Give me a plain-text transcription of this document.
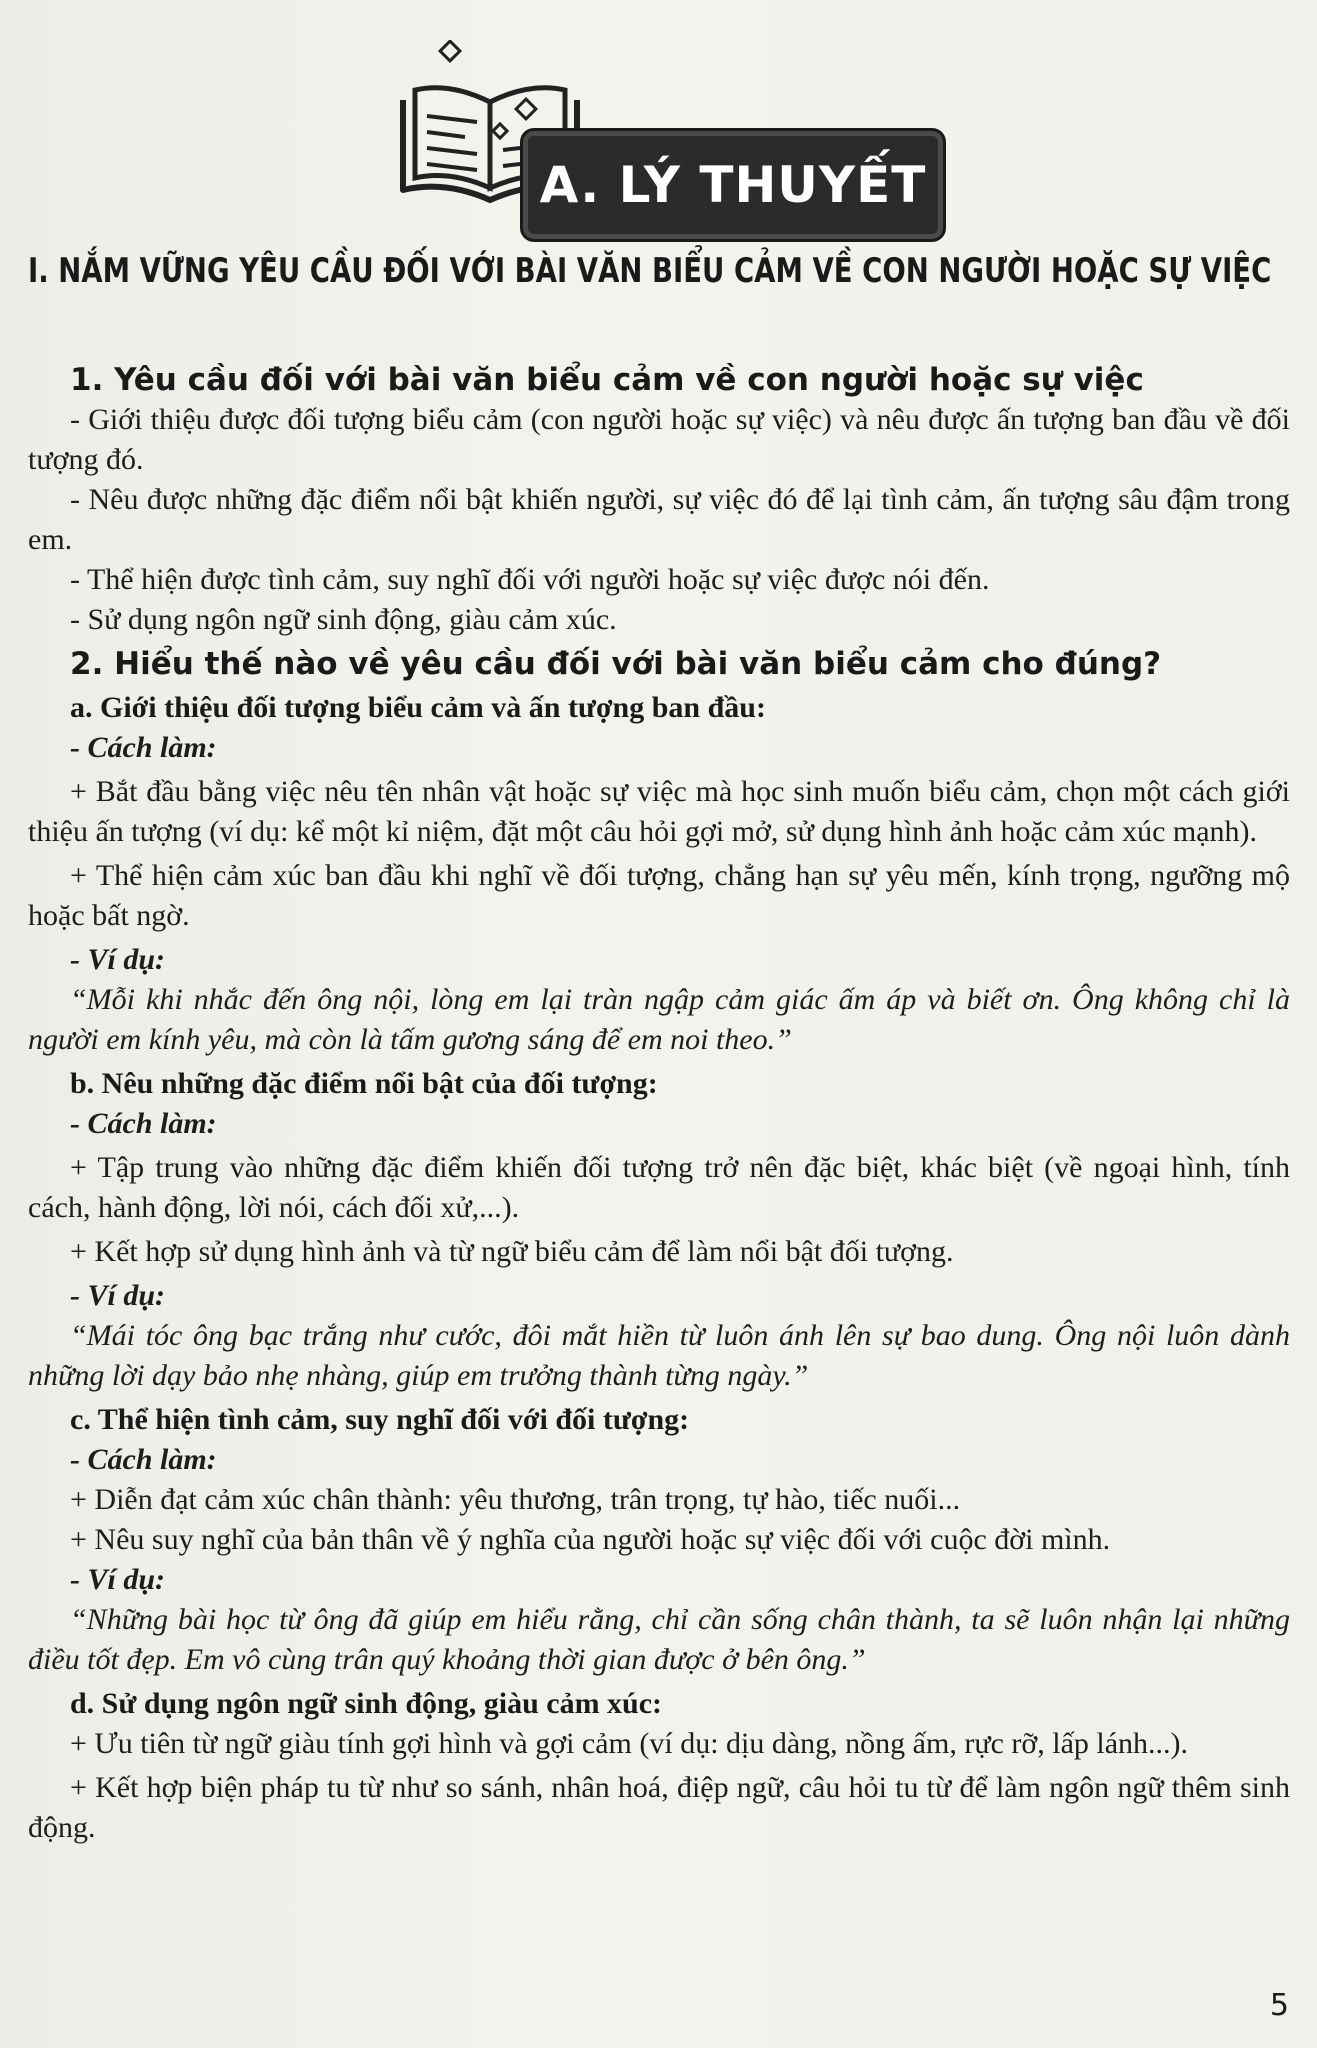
A. LÝ THUYẾT
I. NẮM VỮNG YÊU CẦU ĐỐI VỚI BÀI VĂN BIỂU CẢM VỀ CON NGƯỜI HOẶC SỰ VIỆC
1. Yêu cầu đối với bài văn biểu cảm về con người hoặc sự việc

- Giới thiệu được đối tượng biểu cảm (con người hoặc sự việc) và nêu được ấn tượng ban đầu về đối tượng đó.

- Nêu được những đặc điểm nổi bật khiến người, sự việc đó để lại tình cảm, ấn tượng sâu đậm trong em.

- Thể hiện được tình cảm, suy nghĩ đối với người hoặc sự việc được nói đến.

- Sử dụng ngôn ngữ sinh động, giàu cảm xúc.

2. Hiểu thế nào về yêu cầu đối với bài văn biểu cảm cho đúng?
a. Giới thiệu đối tượng biểu cảm và ấn tượng ban đầu:
- Cách làm:

+ Bắt đầu bằng việc nêu tên nhân vật hoặc sự việc mà học sinh muốn biểu cảm, chọn một cách giới thiệu ấn tượng (ví dụ: kể một kỉ niệm, đặt một câu hỏi gợi mở, sử dụng hình ảnh hoặc cảm xúc mạnh).

+ Thể hiện cảm xúc ban đầu khi nghĩ về đối tượng, chẳng hạn sự yêu mến, kính trọng, ngưỡng mộ hoặc bất ngờ.

- Ví dụ:

“Mỗi khi nhắc đến ông nội, lòng em lại tràn ngập cảm giác ấm áp và biết ơn. Ông không chỉ là người em kính yêu, mà còn là tấm gương sáng để em noi theo.”

b. Nêu những đặc điểm nổi bật của đối tượng:
- Cách làm:

+ Tập trung vào những đặc điểm khiến đối tượng trở nên đặc biệt, khác biệt (về ngoại hình, tính cách, hành động, lời nói, cách đối xử,...).

+ Kết hợp sử dụng hình ảnh và từ ngữ biểu cảm để làm nổi bật đối tượng.

- Ví dụ:

“Mái tóc ông bạc trắng như cước, đôi mắt hiền từ luôn ánh lên sự bao dung. Ông nội luôn dành những lời dạy bảo nhẹ nhàng, giúp em trưởng thành từng ngày.”

c. Thể hiện tình cảm, suy nghĩ đối với đối tượng:
- Cách làm:

+ Diễn đạt cảm xúc chân thành: yêu thương, trân trọng, tự hào, tiếc nuối...

+ Nêu suy nghĩ của bản thân về ý nghĩa của người hoặc sự việc đối với cuộc đời mình.

- Ví dụ:

“Những bài học từ ông đã giúp em hiểu rằng, chỉ cần sống chân thành, ta sẽ luôn nhận lại những điều tốt đẹp. Em vô cùng trân quý khoảng thời gian được ở bên ông.”

d. Sử dụng ngôn ngữ sinh động, giàu cảm xúc:

+ Ưu tiên từ ngữ giàu tính gợi hình và gợi cảm (ví dụ: dịu dàng, nồng ấm, rực rỡ, lấp lánh...).

+ Kết hợp biện pháp tu từ như so sánh, nhân hoá, điệp ngữ, câu hỏi tu từ để làm ngôn ngữ thêm sinh động.

5
